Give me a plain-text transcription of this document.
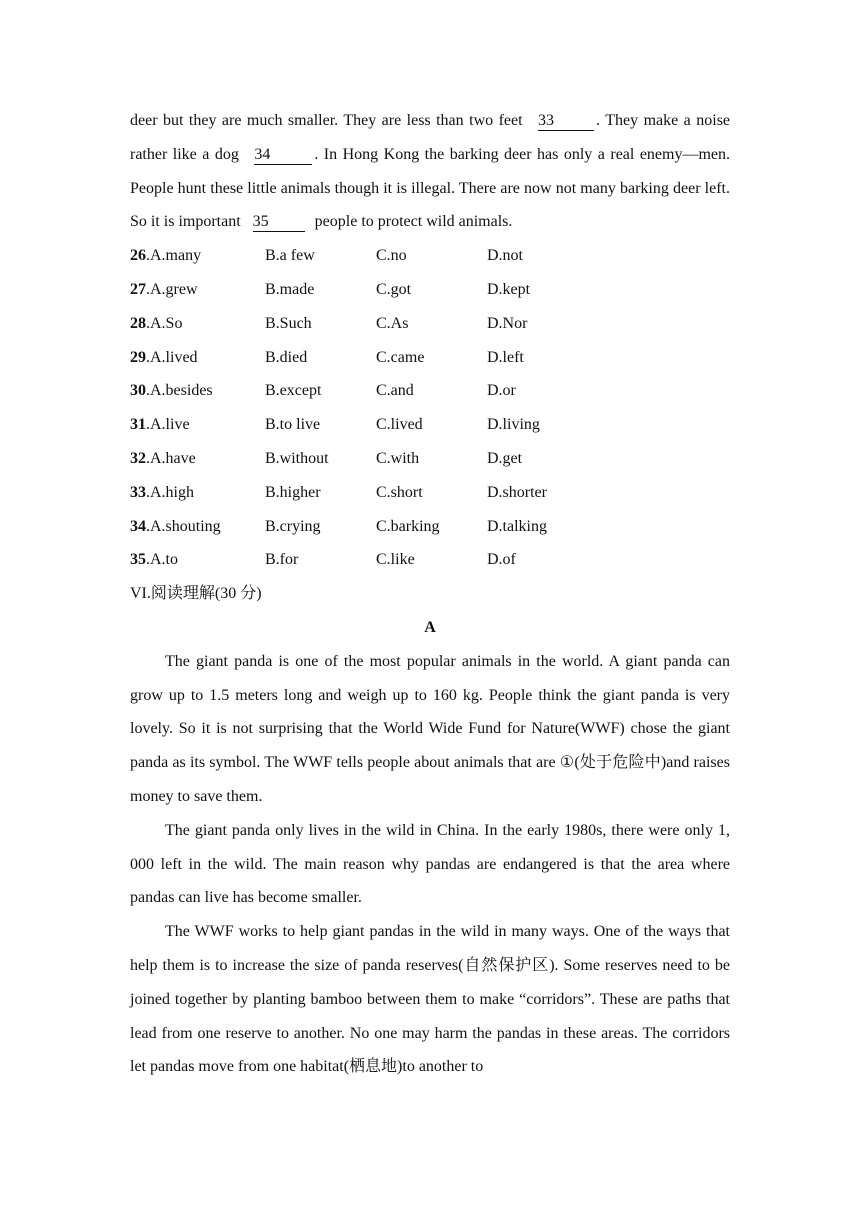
deer but they are much smaller. They are less than two feet 33	. They make a noise rather like a dog 34	. In Hong Kong the barking deer has only a real enemy—men. People hunt these little animals though it is illegal. There are now not many barking deer left. So it is important 35	people to protect wild animals.

26.A.many	B.a few	C.no	D.not
27.A.grew	B.made	C.got	D.kept
28.A.So	B.Such	C.As	D.Nor
29.A.lived	B.died	C.came	D.left
30.A.besides	B.except	C.and	D.or
31.A.live	B.to live	C.lived	D.living
32.A.have	B.without	C.with	D.get
33.A.high	B.higher	C.short	D.shorter
34.A.shouting	B.crying	C.barking	D.talking
35.A.to	B.for	C.like	D.of

VI.阅读理解(30 分)

A

The giant panda is one of the most popular animals in the world. A giant panda can grow up to 1.5 meters long and weigh up to 160 kg. People think the giant panda is very lovely. So it is not surprising that the World Wide Fund for Nature(WWF) chose the giant panda as its symbol. The WWF tells people about animals that are ①(处于危险中)and raises money to save them.

The giant panda only lives in the wild in China. In the early 1980s, there were only 1, 000 left in the wild. The main reason why pandas are endangered is that the area where pandas can live has become smaller.

The WWF works to help giant pandas in the wild in many ways. One of the ways that help them is to increase the size of panda reserves(自然保护区). Some reserves need to be joined together by planting bamboo between them to make “corridors”. These are paths that lead from one reserve to another. No one may harm the pandas in these areas. The corridors let pandas move from one habitat(栖息地)to another to
